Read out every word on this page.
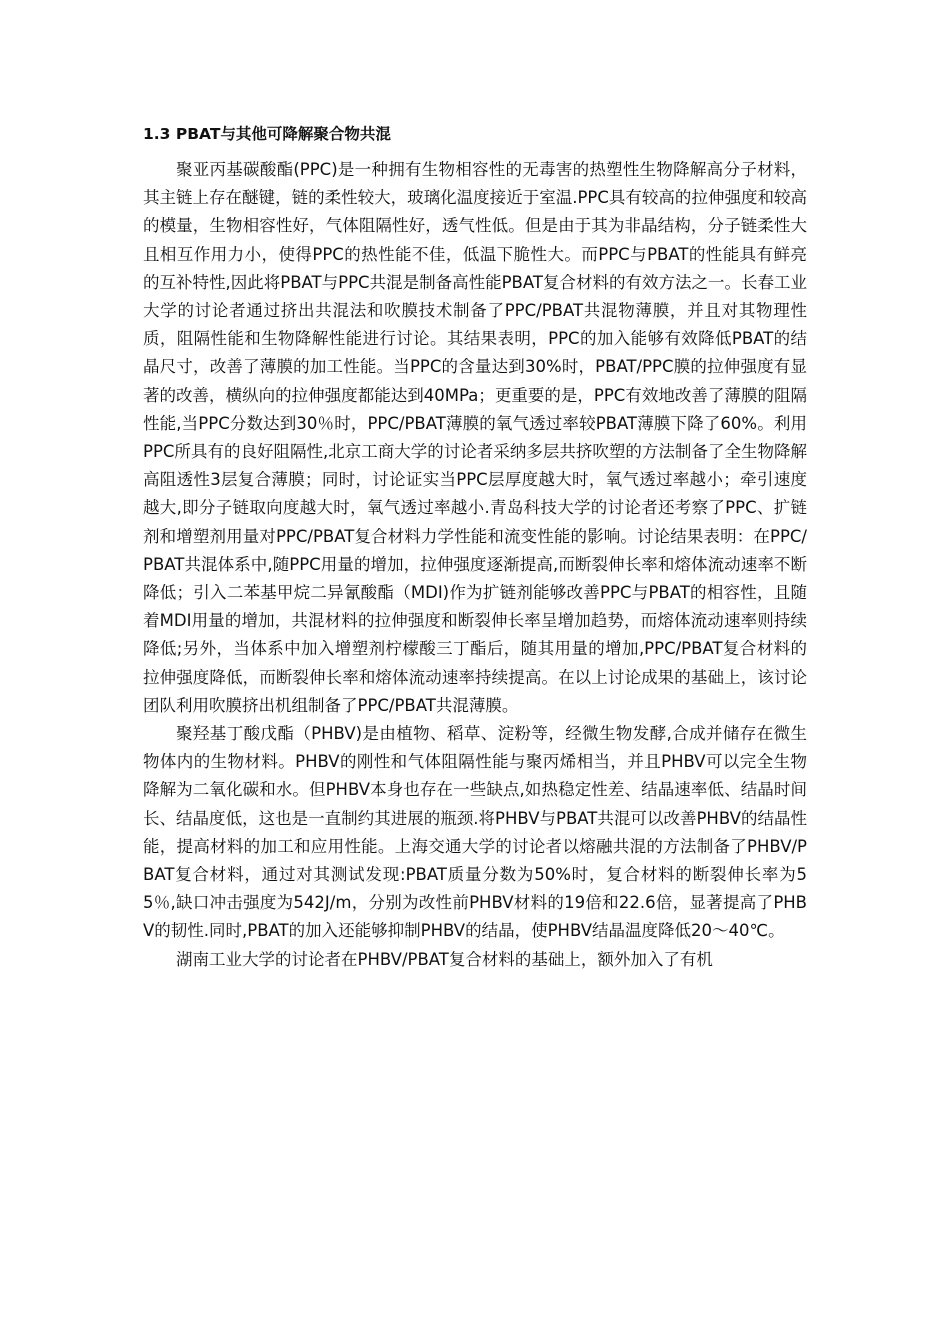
1.3 PBAT与其他可降解聚合物共混

聚亚丙基碳酸酯(PPC)是一种拥有生物相容性的无毒害的热塑性生物降解高分子材料，其主链上存在醚键，链的柔性较大，玻璃化温度接近于室温.PPC具有较高的拉伸强度和较高的模量，生物相容性好，气体阻隔性好，透气性低。但是由于其为非晶结构，分子链柔性大且相互作用力小，使得PPC的热性能不佳，低温下脆性大。而PPC与PBAT的性能具有鲜亮的互补特性,因此将PBAT与PPC共混是制备高性能PBAT复合材料的有效方法之一。长春工业大学的讨论者通过挤出共混法和吹膜技术制备了PPC/PBAT共混物薄膜，并且对其物理性质，阻隔性能和生物降解性能进行讨论。其结果表明，PPC的加入能够有效降低PBAT的结晶尺寸，改善了薄膜的加工性能。当PPC的含量达到30%时，PBAT/PPC膜的拉伸强度有显著的改善，横纵向的拉伸强度都能达到40MPa；更重要的是，PPC有效地改善了薄膜的阻隔性能,当PPC分数达到30％时，PPC/PBAT薄膜的氧气透过率较PBAT薄膜下降了60%。利用PPC所具有的良好阻隔性,北京工商大学的讨论者采纳多层共挤吹塑的方法制备了全生物降解高阻透性3层复合薄膜；同时，讨论证实当PPC层厚度越大时，氧气透过率越小；牵引速度越大,即分子链取向度越大时，氧气透过率越小.青岛科技大学的讨论者还考察了PPC、扩链剂和增塑剂用量对PPC/PBAT复合材料力学性能和流变性能的影响。讨论结果表明：在PPC/PBAT共混体系中,随PPC用量的增加，拉伸强度逐渐提高,而断裂伸长率和熔体流动速率不断降低；引入二苯基甲烷二异氰酸酯（MDI)作为扩链剂能够改善PPC与PBAT的相容性，且随着MDI用量的增加，共混材料的拉伸强度和断裂伸长率呈增加趋势，而熔体流动速率则持续降低;另外，当体系中加入增塑剂柠檬酸三丁酯后，随其用量的增加,PPC/PBAT复合材料的拉伸强度降低，而断裂伸长率和熔体流动速率持续提高。在以上讨论成果的基础上，该讨论团队利用吹膜挤出机组制备了PPC/PBAT共混薄膜。

聚羟基丁酸戊酯（PHBV)是由植物、稻草、淀粉等，经微生物发酵,合成并储存在微生物体内的生物材料。PHBV的刚性和气体阻隔性能与聚丙烯相当，并且PHBV可以完全生物降解为二氧化碳和水。但PHBV本身也存在一些缺点,如热稳定性差、结晶速率低、结晶时间长、结晶度低，这也是一直制约其进展的瓶颈.将PHBV与PBAT共混可以改善PHBV的结晶性能，提高材料的加工和应用性能。上海交通大学的讨论者以熔融共混的方法制备了PHBV/PBAT复合材料，通过对其测试发现:PBAT质量分数为50%时，复合材料的断裂伸长率为55％,缺口冲击强度为542J/m，分别为改性前PHBV材料的19倍和22.6倍，显著提高了PHBV的韧性.同时,PBAT的加入还能够抑制PHBV的结晶，使PHBV结晶温度降低20～40℃。

湖南工业大学的讨论者在PHBV/PBAT复合材料的基础上，额外加入了有机
